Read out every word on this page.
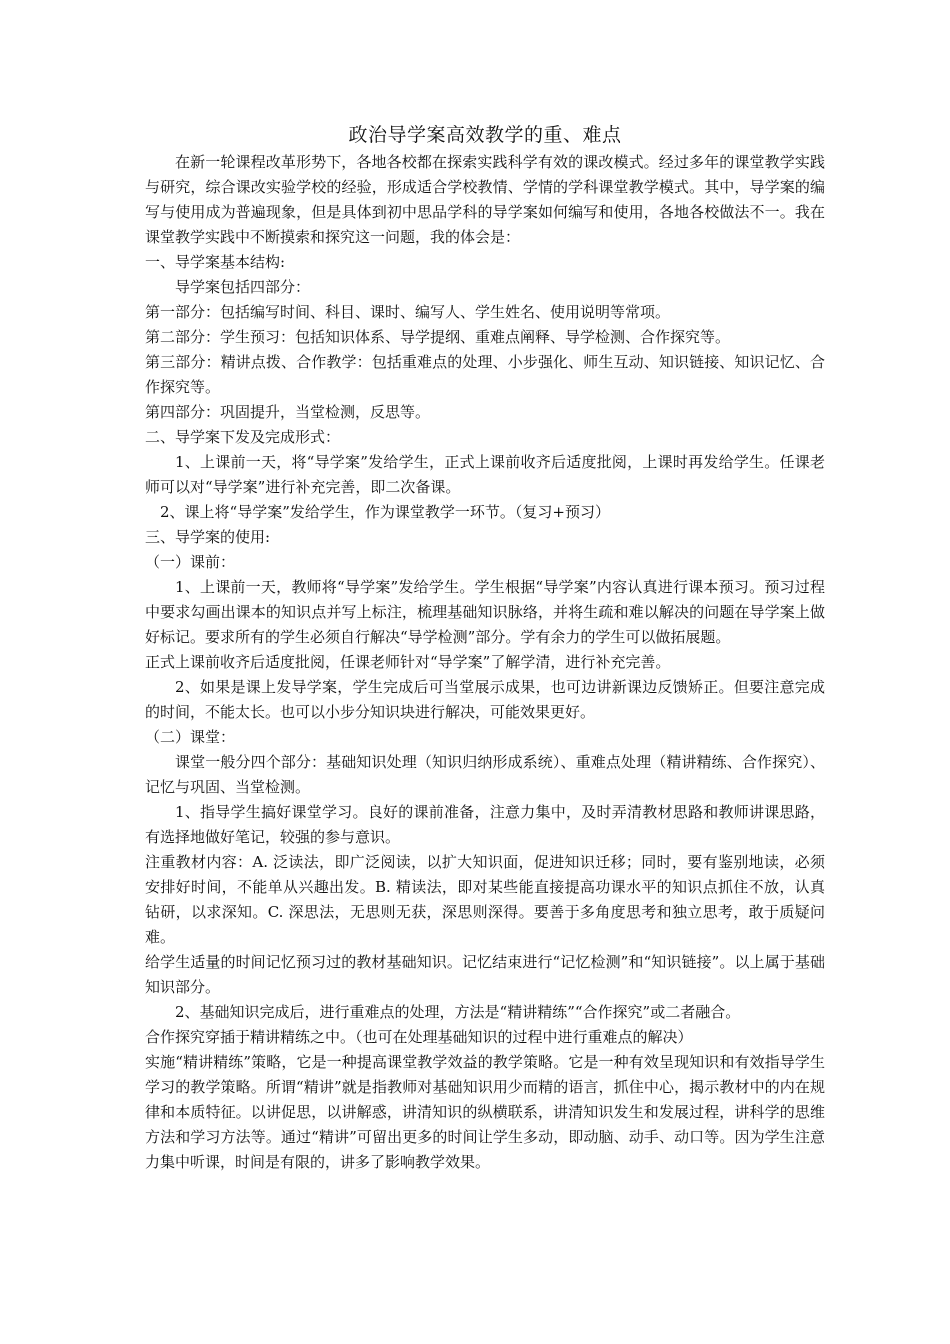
政治导学案高效教学的重、难点

在新一轮课程改革形势下，各地各校都在探索实践科学有效的课改模式。经过多年的课堂教学实践与研究，综合课改实验学校的经验，形成适合学校教情、学情的学科课堂教学模式。其中，导学案的编写与使用成为普遍现象，但是具体到初中思品学科的导学案如何编写和使用，各地各校做法不一。我在课堂教学实践中不断摸索和探究这一问题，我的体会是：

一、导学案基本结构:

导学案包括四部分：

第一部分：包括编写时间、科目、课时、编写人、学生姓名、使用说明等常项。

第二部分：学生预习：包括知识体系、导学提纲、重难点阐释、导学检测、合作探究等。

第三部分：精讲点拨、合作教学：包括重难点的处理、小步强化、师生互动、知识链接、知识记忆、合作探究等。

第四部分：巩固提升，当堂检测，反思等。

二、导学案下发及完成形式：

1、上课前一天，将“导学案”发给学生，正式上课前收齐后适度批阅，上课时再发给学生。任课老师可以对“导学案”进行补充完善，即二次备课。

2、课上将“导学案”发给学生，作为课堂教学一环节。（复习+预习）

三、导学案的使用:

（一）课前：

1、上课前一天，教师将“导学案”发给学生。学生根据“导学案”内容认真进行课本预习。预习过程中要求勾画出课本的知识点并写上标注，梳理基础知识脉络，并将生疏和难以解决的问题在导学案上做好标记。要求所有的学生必须自行解决“导学检测”部分。学有余力的学生可以做拓展题。

正式上课前收齐后适度批阅，任课老师针对“导学案”了解学清，进行补充完善。

2、如果是课上发导学案，学生完成后可当堂展示成果，也可边讲新课边反馈矫正。但要注意完成的时间，不能太长。也可以小步分知识块进行解决，可能效果更好。

（二）课堂：

课堂一般分四个部分：基础知识处理（知识归纳形成系统）、重难点处理（精讲精练、合作探究）、记忆与巩固、当堂检测。

1、指导学生搞好课堂学习。良好的课前准备，注意力集中，及时弄清教材思路和教师讲课思路，有选择地做好笔记，较强的参与意识。

注重教材内容：A. 泛读法，即广泛阅读，以扩大知识面，促进知识迁移；同时，要有鉴别地读，必须安排好时间，不能单从兴趣出发。B. 精读法，即对某些能直接提高功课水平的知识点抓住不放，认真钻研，以求深知。C. 深思法，无思则无获，深思则深得。要善于多角度思考和独立思考，敢于质疑问难。

给学生适量的时间记忆预习过的教材基础知识。记忆结束进行“记忆检测”和“知识链接”。以上属于基础知识部分。

2、基础知识完成后，进行重难点的处理，方法是“精讲精练”“合作探究”或二者融合。

合作探究穿插于精讲精练之中。（也可在处理基础知识的过程中进行重难点的解决）

实施“精讲精练”策略，它是一种提高课堂教学效益的教学策略。它是一种有效呈现知识和有效指导学生学习的教学策略。所谓“精讲”就是指教师对基础知识用少而精的语言，抓住中心，揭示教材中的内在规律和本质特征。以讲促思，以讲解惑，讲清知识的纵横联系，讲清知识发生和发展过程，讲科学的思维方法和学习方法等。通过“精讲”可留出更多的时间让学生多动，即动脑、动手、动口等。因为学生注意力集中听课，时间是有限的，讲多了影响教学效果。
